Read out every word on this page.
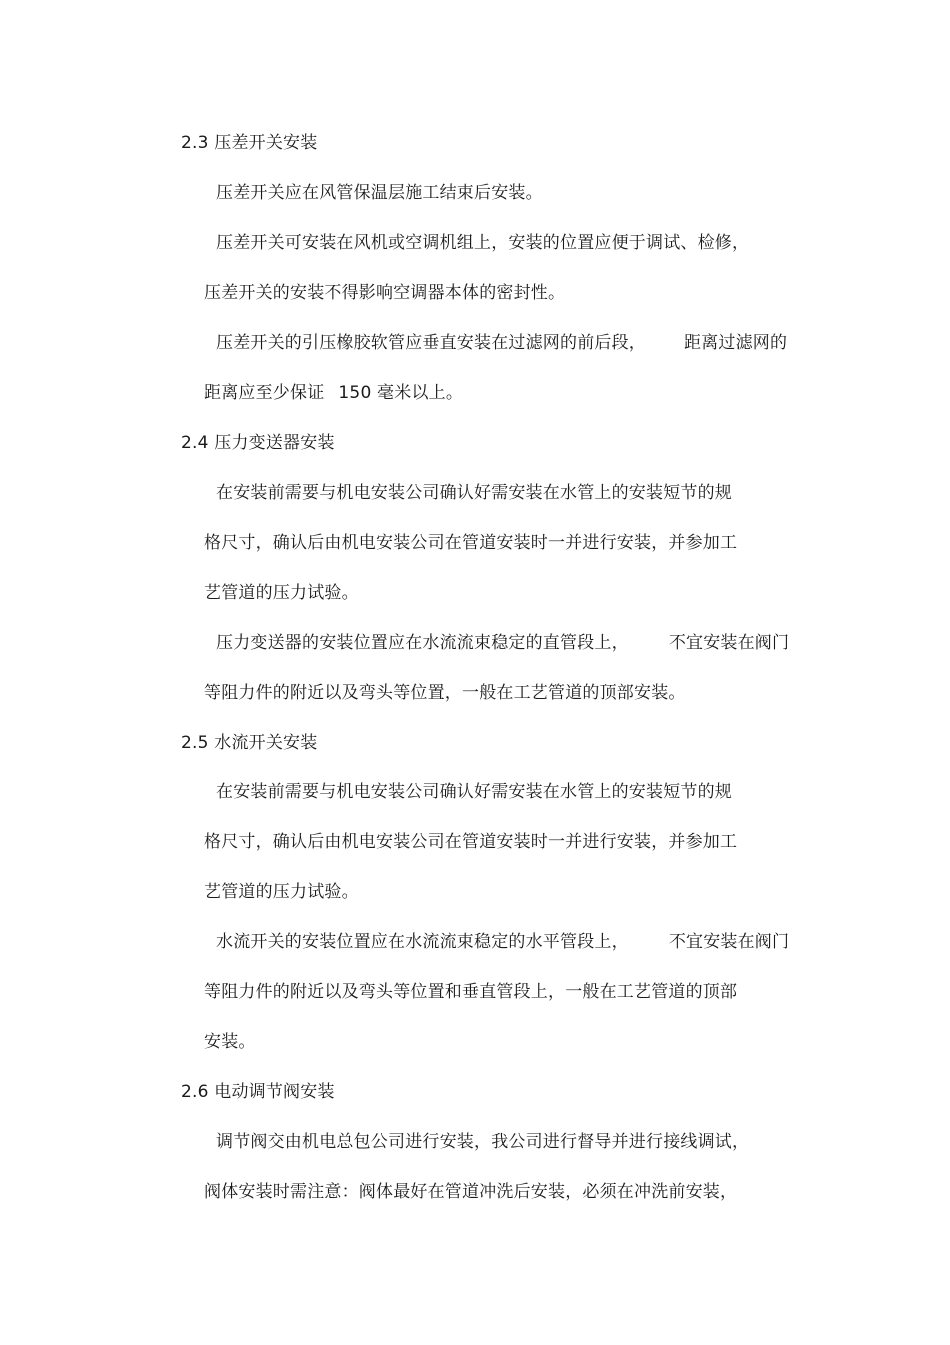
2.3 压差开关安装
压差开关应在风管保温层施工结束后安装。
压差开关可安装在风机或空调机组上，安装的位置应便于调试、检修，
压差开关的安装不得影响空调器本体的密封性。
压差开关的引压橡胶软管应垂直安装在过滤网的前后段， 距离过滤网的
距离应至少保证 150 毫米以上。
2.4 压力变送器安装
在安装前需要与机电安装公司确认好需安装在水管上的安装短节的规
格尺寸，确认后由机电安装公司在管道安装时一并进行安装，并参加工
艺管道的压力试验。
压力变送器的安装位置应在水流流束稳定的直管段上， 不宜安装在阀门
等阻力件的附近以及弯头等位置，一般在工艺管道的顶部安装。
2.5 水流开关安装
在安装前需要与机电安装公司确认好需安装在水管上的安装短节的规
格尺寸，确认后由机电安装公司在管道安装时一并进行安装，并参加工
艺管道的压力试验。
水流开关的安装位置应在水流流束稳定的水平管段上， 不宜安装在阀门
等阻力件的附近以及弯头等位置和垂直管段上，一般在工艺管道的顶部
安装。
2.6 电动调节阀安装
调节阀交由机电总包公司进行安装，我公司进行督导并进行接线调试，
阀体安装时需注意：阀体最好在管道冲洗后安装，必须在冲洗前安装，
